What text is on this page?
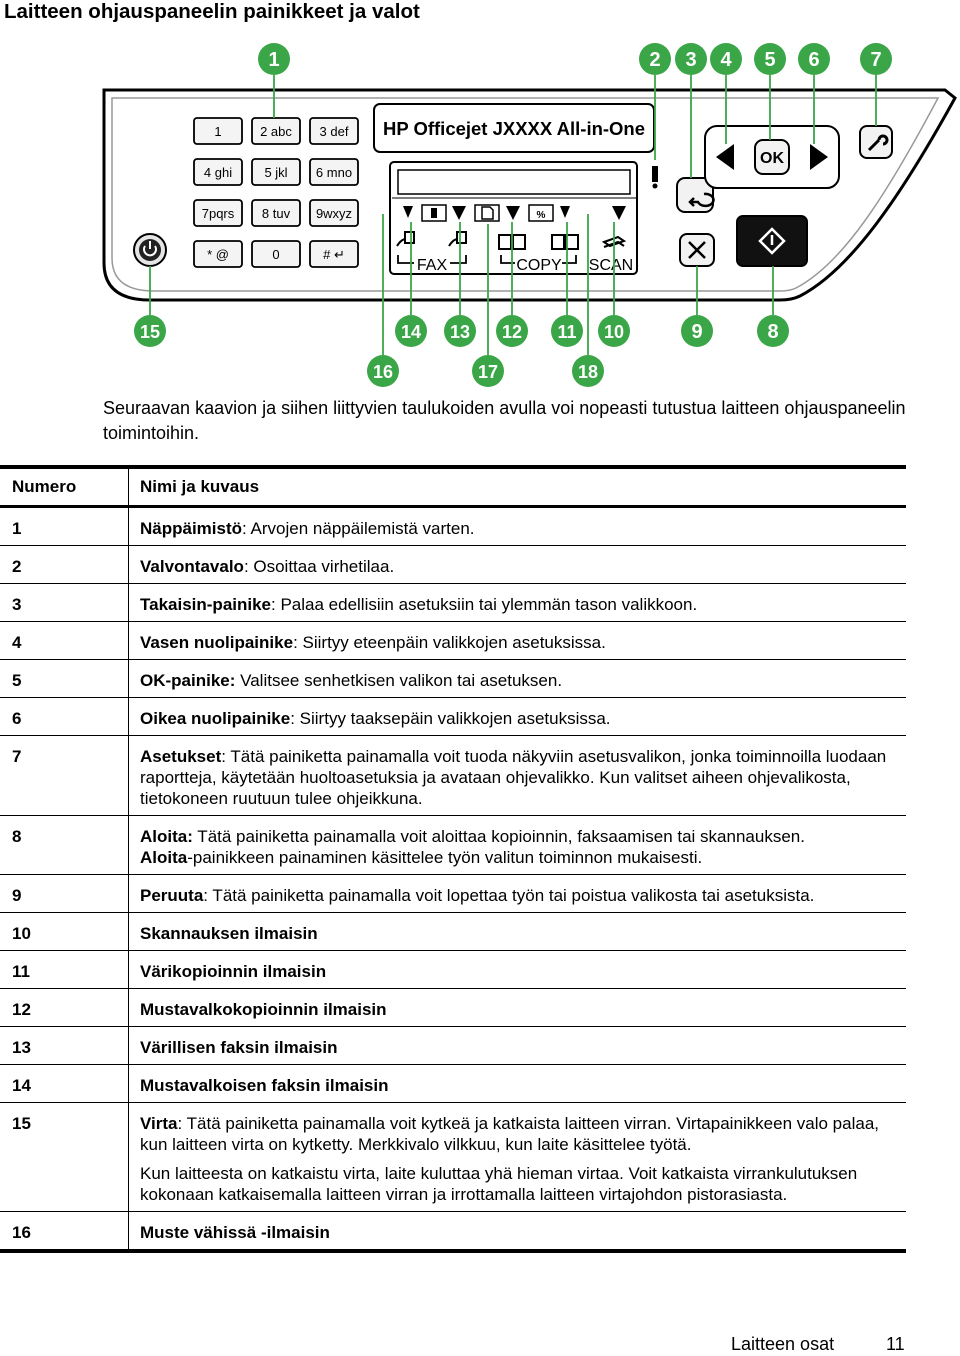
Laitteen ohjauspaneelin painikkeet ja valot
1	2 abc 3 def
4 ghi 5 jkl 6 mno
7pqrs 8 tuv 9wxyz
* @	0	# ↵
HP Officejet JXXXX All-in-One
%
FAX	COPY SCAN
OK
1	2 3 4 5 6	7
8
9
10
11
12
13
14
15
16	17	18

Seuraavan kaavion ja siihen liittyvien taulukoiden avulla voi nopeasti tutustua laitteen ohjauspaneelin toimintoihin.

Numero	Nimi ja kuvaus
1	Näppäimistö: Arvojen näppäilemistä varten.

2	Valvontavalo: Osoittaa virhetilaa.

3	Takaisin-painike: Palaa edellisiin asetuksiin tai ylemmän tason valikkoon.

4	Vasen nuolipainike: Siirtyy eteenpäin valikkojen asetuksissa.

5	OK-painike: Valitsee senhetkisen valikon tai asetuksen.

6	Oikea nuolipainike: Siirtyy taaksepäin valikkojen asetuksissa.

7	Asetukset: Tätä painiketta painamalla voit tuoda näkyviin asetusvalikon, jonka toiminnoilla luodaan raportteja, käytetään huoltoasetuksia ja avataan ohjevalikko. Kun valitset aiheen ohjevalikosta, tietokoneen ruutuun tulee ohjeikkuna.

8	Aloita: Tätä painiketta painamalla voit aloittaa kopioinnin, faksaamisen tai skannauksen.
Aloita-painikkeen painaminen käsittelee työn valitun toiminnon mukaisesti.

9	Peruuta: Tätä painiketta painamalla voit lopettaa työn tai poistua valikosta tai asetuksista.

10	Skannauksen ilmaisin

11	Värikopioinnin ilmaisin

12	Mustavalkokopioinnin ilmaisin

13	Värillisen faksin ilmaisin

14	Mustavalkoisen faksin ilmaisin

15	Virta: Tätä painiketta painamalla voit kytkeä ja katkaista laitteen virran. Virtapainikkeen valo palaa, kun laitteen virta on kytketty. Merkkivalo vilkkuu, kun laite käsittelee työtä.
Kun laitteesta on katkaistu virta, laite kuluttaa yhä hieman virtaa. Voit katkaista virrankulutuksen kokonaan katkaisemalla laitteen virran ja irrottamalla laitteen virtajohdon pistorasiasta.

16	Muste vähissä -ilmaisin
Laitteen osat	11
